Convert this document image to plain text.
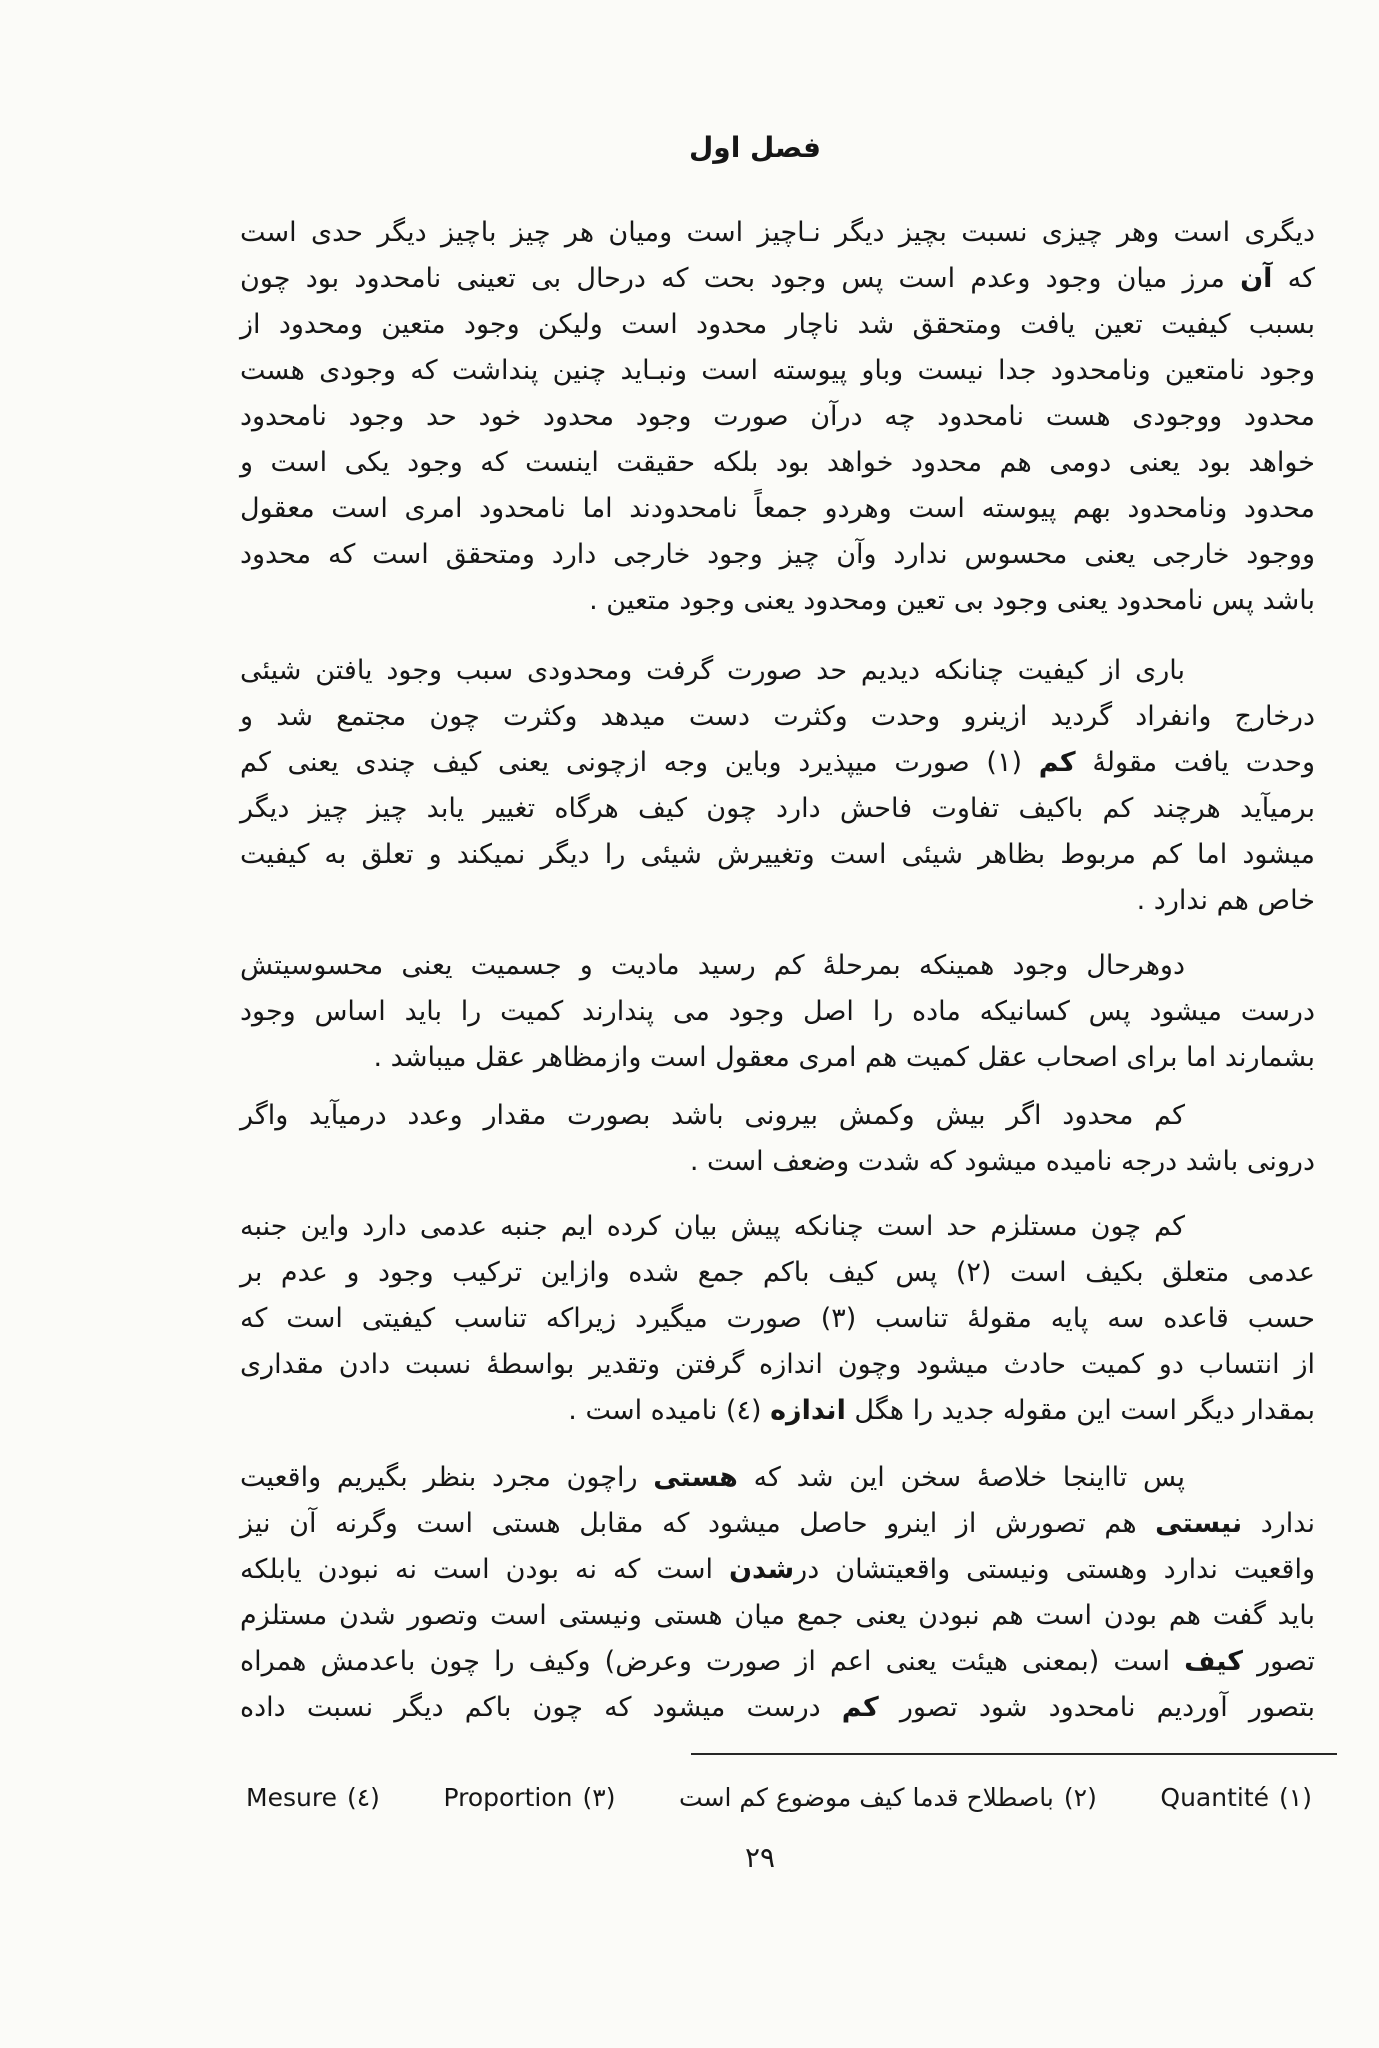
فصل اول
دیگری است وهر چیزی نسبت بچیز دیگر نـاچیز است ومیان هر چیز باچیز دیگر حدی است
که آن مرز میان وجود وعدم است پس وجود بحت که درحال بی تعینی نامحدود بود چون
بسبب کیفیت تعین یافت ومتحقق شد ناچار محدود است ولیکن وجود متعین ومحدود از
وجود نامتعین ونامحدود جدا نیست وباو پیوسته است ونبـاید چنین پنداشت که وجودی هست
محدود ووجودی هست نامحدود چه درآن صورت وجود محدود خود حد وجود نامحدود
خواهد بود یعنی دومی هم محدود خواهد بود بلکه حقیقت اینست که وجود یکی است و
محدود ونامحدود بهم پیوسته است وهردو جمعاً نامحدودند اما نامحدود امری است معقول
ووجود خارجی یعنی محسوس ندارد وآن چیز وجود خارجی دارد ومتحقق است که محدود
باشد پس نامحدود یعنی وجود بی تعین ومحدود یعنی وجود متعین .
باری از کیفیت چنانکه دیدیم حد صورت گرفت ومحدودی سبب وجود یافتن شیئی
درخارج وانفراد گردید ازینرو وحدت وکثرت دست میدهد وکثرت چون مجتمع شد و
وحدت یافت مقولۀ کم (۱) صورت میپذیرد وباین وجه ازچونی یعنی کیف چندی یعنی کم
برمیآید هرچند کم باکیف تفاوت فاحش دارد چون کیف هرگاه تغییر یابد چیز چیز دیگر
میشود اما کم مربوط بظاهر شیئی است وتغییرش شیئی را دیگر نمیکند و تعلق به کیفیت
خاص هم ندارد .
دوهرحال وجود همینکه بمرحلۀ کم رسید مادیت و جسمیت یعنی محسوسیتش
درست میشود پس کسانیکه ماده را اصل وجود می پندارند کمیت را باید اساس وجود
بشمارند اما برای اصحاب عقل کمیت هم امری معقول است وازمظاهر عقل میباشد .
کم محدود اگر بیش وکمش بیرونی باشد بصورت مقدار وعدد درمیآید واگر
درونی باشد درجه نامیده میشود که شدت وضعف است .
کم چون مستلزم حد است چنانکه پیش بیان کرده ایم جنبه عدمی دارد واین جنبه
عدمی متعلق بکیف است (۲) پس کیف باکم جمع شده وازاین ترکیب وجود و عدم بر
حسب قاعده سه پایه مقولۀ تناسب (۳) صورت میگیرد زیراکه تناسب کیفیتی است که
از انتساب دو کمیت حادث میشود وچون اندازه گرفتن وتقدیر بواسطۀ نسبت دادن مقداری
بمقدار دیگر است این مقوله جدید را هگل اندازه (٤) نامیده است .
پس تااینجا خلاصۀ سخن این شد که هستی راچون مجرد بنظر بگیریم واقعیت
ندارد نیستی هم تصورش از اینرو حاصل میشود که مقابل هستی است وگرنه آن نیز
واقعیت ندارد وهستی ونیستی واقعیتشان درشدن است که نه بودن است نه نبودن یابلکه
باید گفت هم بودن است هم نبودن یعنی جمع میان هستی ونیستی است وتصور شدن مستلزم
تصور کیف است (بمعنی هیئت یعنی اعم از صورت وعرض) وکیف را چون باعدمش همراه
بتصور آوردیم نامحدود شود تصور کم درست میشود که چون باکم دیگر نسبت داده
(۱)
Quantité
(۲)
باصطلاح قدما کیف موضوع کم است
(۳)
Proportion
(٤)
Mesure
۲۹
